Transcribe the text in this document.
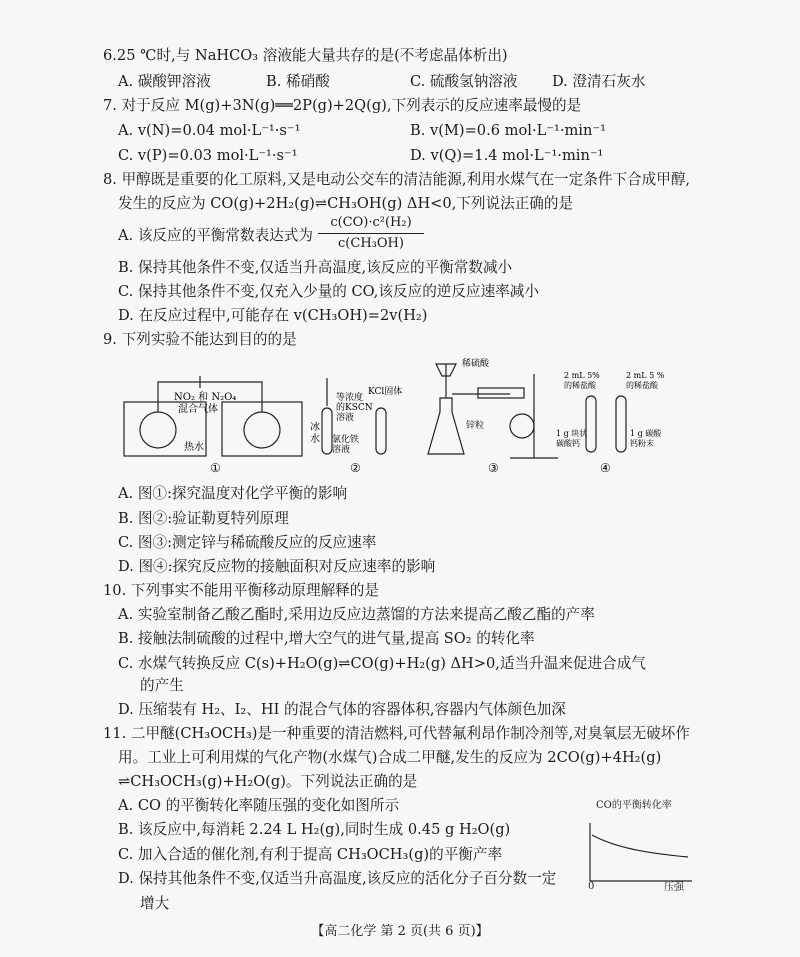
6.25 ℃时,与 NaHCO₃ 溶液能大量共存的是(不考虑晶体析出)
A. 碳酸钾溶液	B. 稀硝酸	C. 硫酸氢钠溶液 D. 澄清石灰水
7. 对于反应 M(g)+3N(g)══2P(g)+2Q(g),下列表示的反应速率最慢的是
A. v(N)=0.04 mol·L⁻¹·s⁻¹	B. v(M)=0.6 mol·L⁻¹·min⁻¹
C. v(P)=0.03 mol·L⁻¹·s⁻¹	D. v(Q)=1.4 mol·L⁻¹·min⁻¹
8. 甲醇既是重要的化工原料,又是电动公交车的清洁能源,利用水煤气在一定条件下合成甲醇,
发生的反应为 CO(g)+2H₂(g)⇌CH₃OH(g) ΔH<0,下列说法正确的是
A. 该反应的平衡常数表达式为
c(CO)·c²(H₂)
c(CH₃OH)
B. 保持其他条件不变,仅适当升高温度,该反应的平衡常数减小
C. 保持其他条件不变,仅充入少量的 CO,该反应的逆反应速率减小
D. 在反应过程中,可能存在 v(CH₃OH)=2v(H₂)
9. 下列实验不能达到目的的是
NO₂ 和 N₂O₄
混合气体
热水
冰
水
①
等浓度
的KSCN
溶液
KCl固体
氯化铁
溶液
②
稀硫酸
锌粒
③
2 mL 5%
的稀盐酸
2 mL 5 %
的稀盐酸
1 g 块状
碳酸钙
1 g 碳酸
钙粉末
④
A. 图①:探究温度对化学平衡的影响
B. 图②:验证勒夏特列原理
C. 图③:测定锌与稀硫酸反应的反应速率
D. 图④:探究反应物的接触面积对反应速率的影响
10. 下列事实不能用平衡移动原理解释的是
A. 实验室制备乙酸乙酯时,采用边反应边蒸馏的方法来提高乙酸乙酯的产率
B. 接触法制硫酸的过程中,增大空气的进气量,提高 SO₂ 的转化率
C. 水煤气转换反应 C(s)+H₂O(g)⇌CO(g)+H₂(g) ΔH>0,适当升温来促进合成气
的产生
D. 压缩装有 H₂、I₂、HI 的混合气体的容器体积,容器内气体颜色加深
11. 二甲醚(CH₃OCH₃)是一种重要的清洁燃料,可代替氟利昂作制冷剂等,对臭氧层无破坏作
用。工业上可利用煤的气化产物(水煤气)合成二甲醚,发生的反应为 2CO(g)+4H₂(g)
⇌CH₃OCH₃(g)+H₂O(g)。下列说法正确的是
A. CO 的平衡转化率随压强的变化如图所示
B. 该反应中,每消耗 2.24 L H₂(g),同时生成 0.45 g H₂O(g)
C. 加入合适的催化剂,有利于提高 CH₃OCH₃(g)的平衡产率
D. 保持其他条件不变,仅适当升高温度,该反应的活化分子百分数一定
增大
CO的平衡转化率
0	压强
【高二化学 第 2 页(共 6 页)】
